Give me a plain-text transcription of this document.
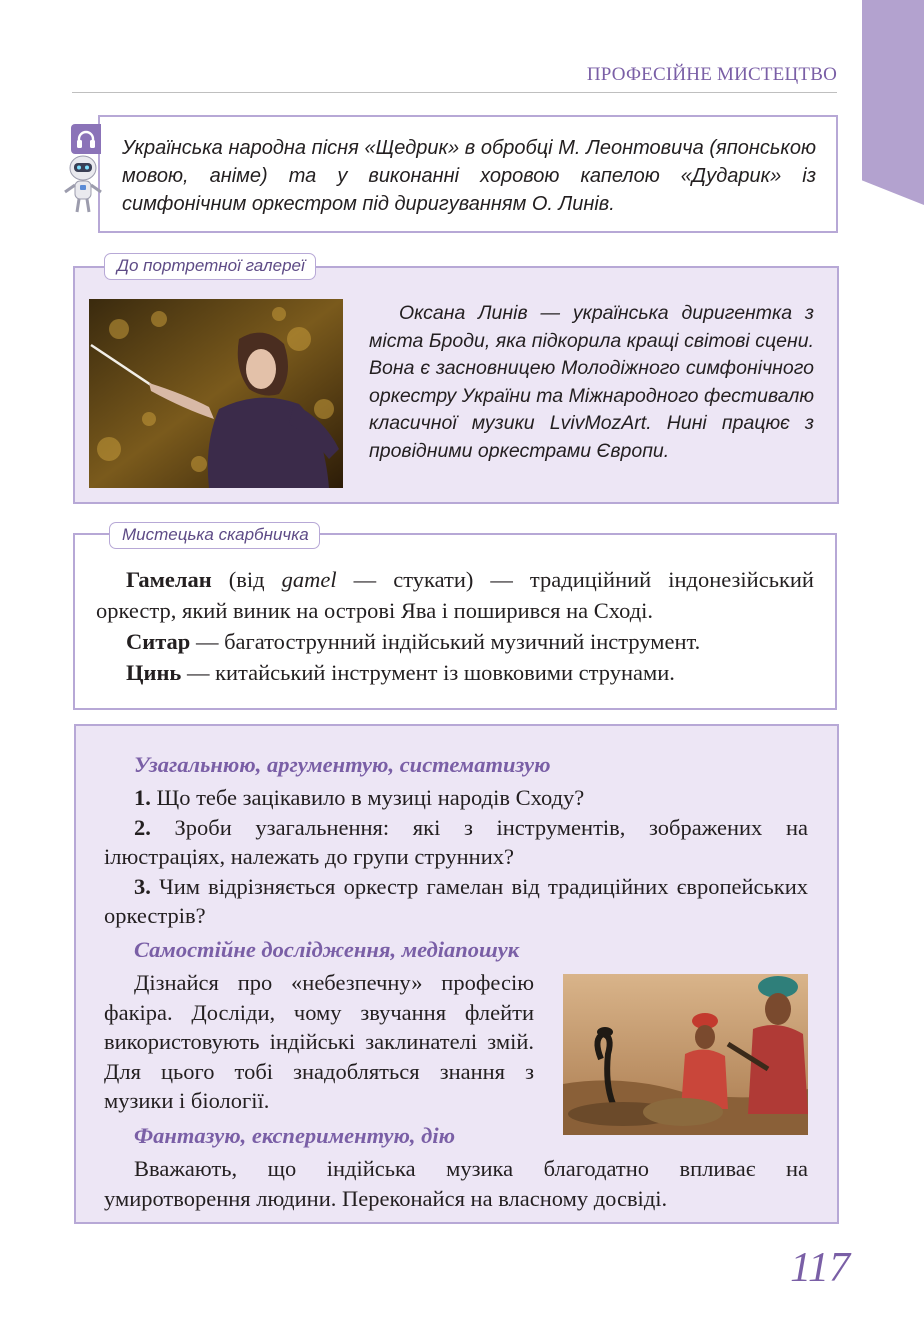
ПРОФЕСІЙНЕ МИСТЕЦТВО
Українська народна пісня «Щедрик» в обробці М. Леонтовича (японською мовою, аніме) та у виконанні хоровою капелою «Дударик» із симфонічним оркестром під диригуванням О. Линів.
До портретної галереї
Оксана Линів — українська диригентка з міста Броди, яка підкорила кращі світові сцени. Вона є засновницею Молодіжного симфонічного оркестру України та Міжнародного фестивалю класичної музики LvivMozArt. Нині працює з провідними оркестрами Європи.
Мистецька скарбничка

Гамелан (від gamel — стукати) — традиційний індонезійський оркестр, який виник на острові Ява і поширився на Сході.

Ситар — багатострунний індійський музичний інструмент.

Цинь — китайський інструмент із шовковими струнами.

Узагальнюю, аргументую, систематизую

1. Що тебе зацікавило в музиці народів Сходу?

2. Зроби узагальнення: які з інструментів, зображених на ілюстраціях, належать до групи струнних?

3. Чим відрізняється оркестр гамелан від традиційних європейських оркестрів?

Самостійне дослідження, медіапошук

Дізнайся про «небезпечну» професію факіра. Досліди, чому звучання флейти використовують індійські заклинателі змій. Для цього тобі знадобляться знання з музики і біології.

Фантазую, експериментую, дію

Вважають, що індійська музика благодатно впливає на умиротворення людини. Переконайся на власному досвіді.

117
